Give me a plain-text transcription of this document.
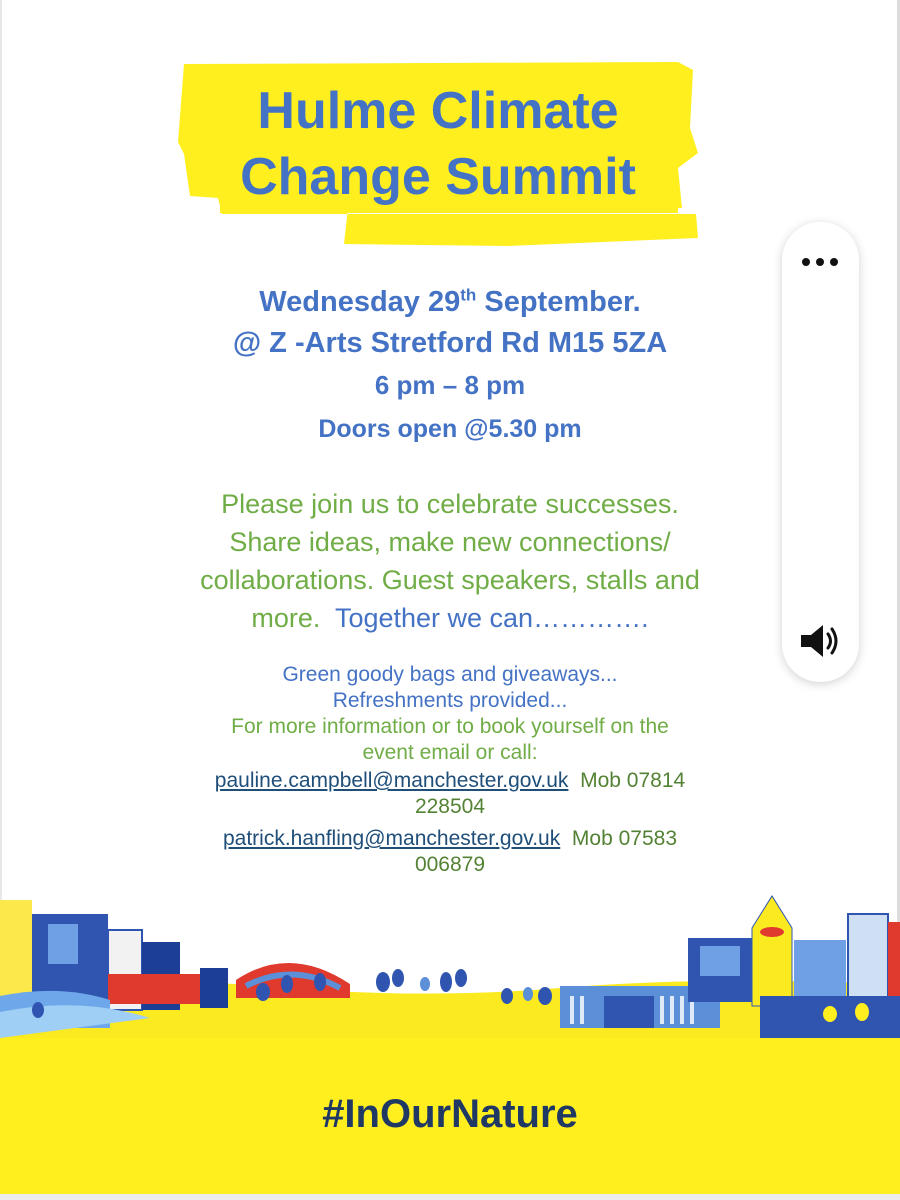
Hulme Climate
Change Summit
Wednesday 29th September.
@ Z -Arts Stretford Rd M15 5ZA
6 pm – 8 pm
Doors open @5.30 pm
Please join us to celebrate successes.
Share ideas, make new connections/
collaborations. Guest speakers, stalls and
more.  Together we can………….
Green goody bags and giveaways...
Refreshments provided...
For more information or to book yourself on the
event email or call:
pauline.campbell@manchester.gov.uk Mob 07814
228504
patrick.hanfling@manchester.gov.uk Mob 07583
006879
#InOurNature
